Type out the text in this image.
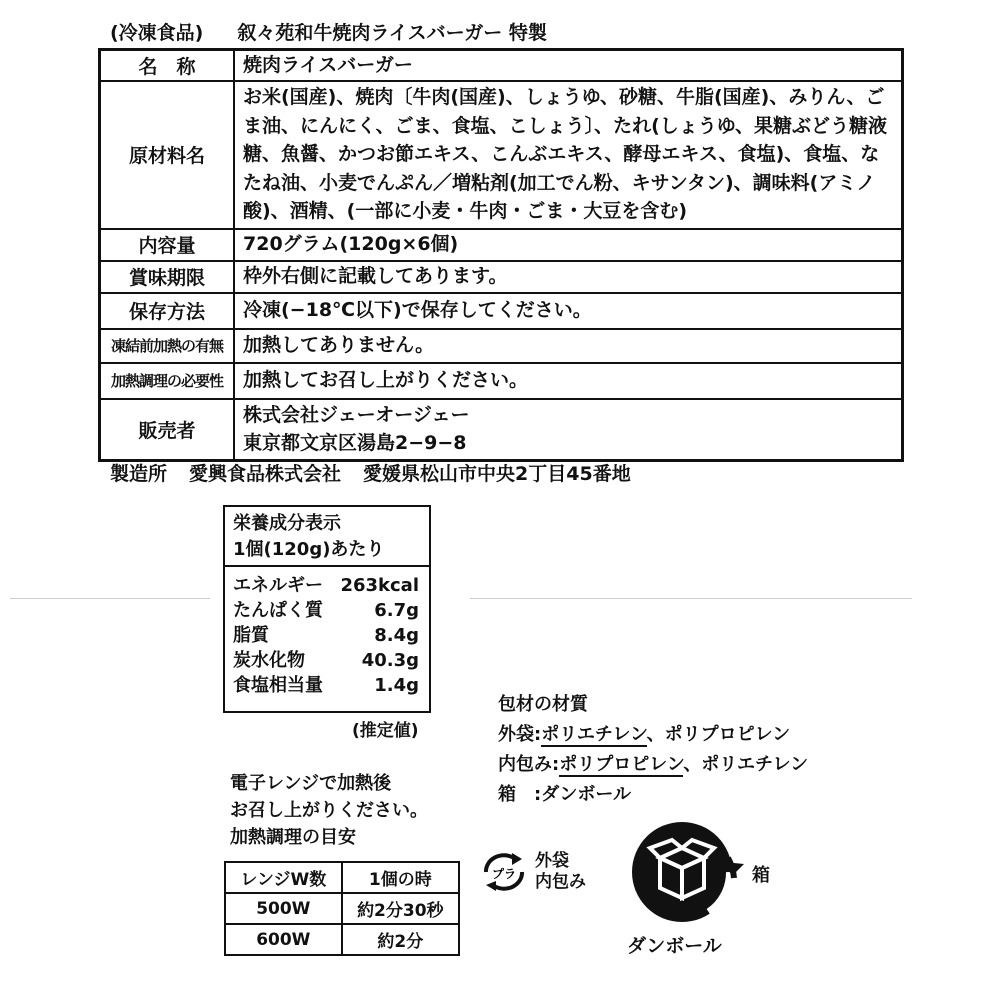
(冷凍食品) 叙々苑和牛焼肉ライスバーガー 特製
名　称	焼肉ライスバーガー
原材料名	お米(国産)、焼肉〔牛肉(国産)、しょうゆ、砂糖、牛脂(国産)、みりん、ごま油、にんにく、ごま、食塩、こしょう〕、たれ(しょうゆ、果糖ぶどう糖液糖、魚醤、かつお節エキス、こんぶエキス、酵母エキス、食塩)、食塩、なたね油、小麦でんぷん／増粘剤(加工でん粉、キサンタン)、調味料(アミノ酸)、酒精、(一部に小麦・牛肉・ごま・大豆を含む)
内容量	720グラム(120g×6個)
賞味期限	枠外右側に記載してあります。
保存方法	冷凍(−18℃以下)で保存してください。
凍結前加熱の有無	加熱してありません。
加熱調理の必要性	加熱してお召し上がりください。
販売者	株式会社ジェーオージェー
東京都文京区湯島2−9−8
製造所 愛興食品株式会社 愛媛県松山市中央2丁目45番地
栄養成分表示
1個(120g)あたり
エネルギー 263kcal
たんぱく質	6.7g
脂質	8.4g
炭水化物	40.3g
食塩相当量	1.4g
(推定値)
電子レンジで加熱後
お召し上がりください。
加熱調理の目安
レンジW数	1個の時
500W	約2分30秒
600W	約2分
包材の材質
外袋:ポリエチレン、ポリプロピレン
内包み:ポリプロピレン、ポリエチレン
箱　:ダンボール
プラ
外袋
内包み	箱
ダンボール
